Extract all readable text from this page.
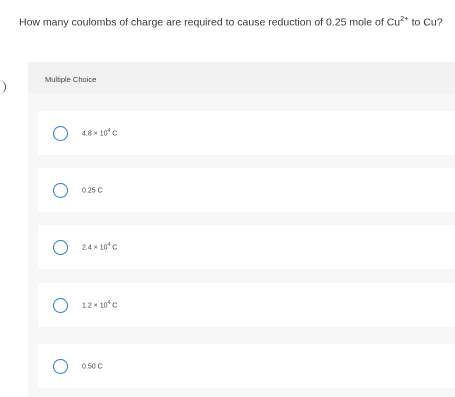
How many coulombs of charge are required to cause reduction of 0.25 mole of $Cu^{2+}$ to Cu?
Multiple Choice
$4.8 \times 10^4$ C
0.25 C
$2.4 \times 10^4$ C
$1.2 \times 10^4$ C
0.50 C
